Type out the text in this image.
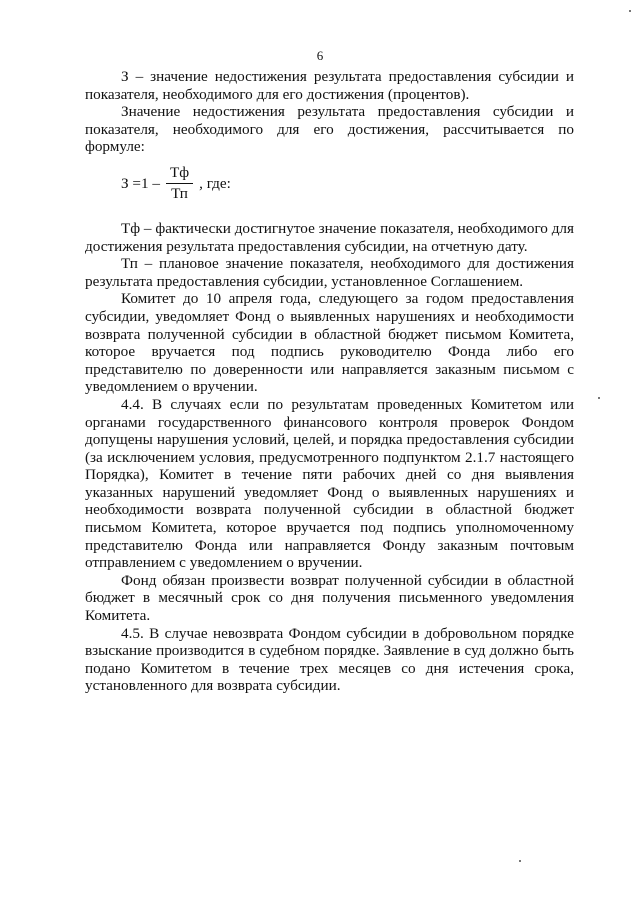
6

З – значение недостижения результата предоставления субсидии и показателя, необходимого для его достижения (процентов).

Значение недостижения результата предоставления субсидии и показателя, необходимого для его достижения, рассчитывается по формуле:

$З =1 - \frac{Тф}{Тп}$ , где:

Тф – фактически достигнутое значение показателя, необходимого для достижения результата предоставления субсидии, на отчетную дату.

Тп – плановое значение показателя, необходимого для достижения результата предоставления субсидии, установленное Соглашением.

Комитет до 10 апреля года, следующего за годом предоставления субсидии, уведомляет Фонд о выявленных нарушениях и необходимости возврата полученной субсидии в областной бюджет письмом Комитета, которое вручается под подпись руководителю Фонда либо его представителю по доверенности или направляется заказным письмом с уведомлением о вручении.

4.4. В случаях если по результатам проведенных Комитетом или органами государственного финансового контроля проверок Фондом допущены нарушения условий, целей, и порядка предоставления субсидии (за исключением условия, предусмотренного подпунктом 2.1.7 настоящего Порядка), Комитет в течение пяти рабочих дней со дня выявления указанных нарушений уведомляет Фонд о выявленных нарушениях и необходимости возврата полученной субсидии в областной бюджет письмом Комитета, которое вручается под подпись уполномоченному представителю Фонда или направляется Фонду заказным почтовым отправлением с уведомлением о вручении.

Фонд обязан произвести возврат полученной субсидии в областной бюджет в месячный срок со дня получения письменного уведомления Комитета.

4.5. В случае невозврата Фондом субсидии в добровольном порядке взыскание производится в судебном порядке. Заявление в суд должно быть подано Комитетом в течение трех месяцев со дня истечения срока, установленного для возврата субсидии.
